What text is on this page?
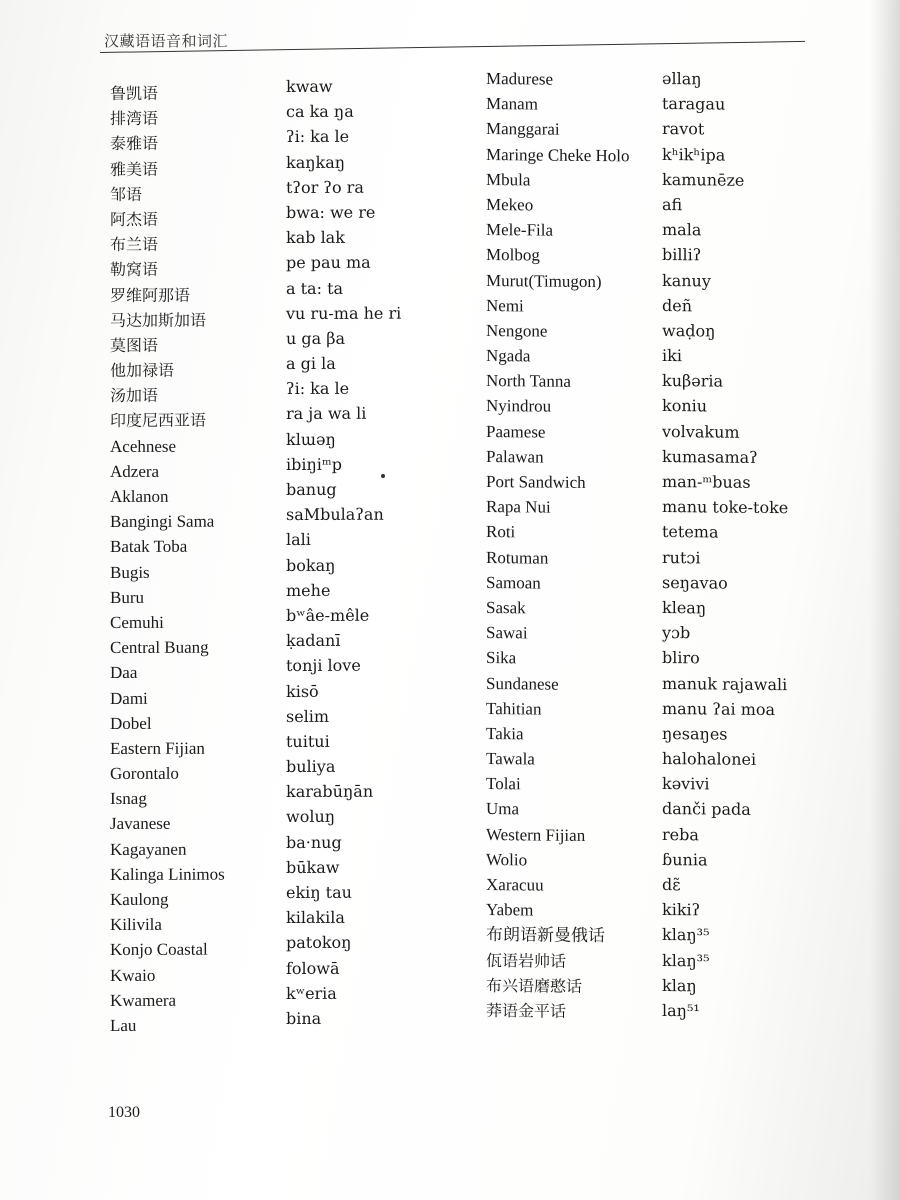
汉藏语语音和词汇
鲁凯语
排湾语
泰雅语
雅美语
邹语
阿杰语
布兰语
勒窝语
罗维阿那语
马达加斯加语
莫图语
他加禄语
汤加语
印度尼西亚语
Acehnese
Adzera
Aklanon
Bangingi Sama
Batak Toba
Bugis
Buru
Cemuhi
Central Buang
Daa
Dami
Dobel
Eastern Fijian
Gorontalo
Isnag
Javanese
Kagayanen
Kalinga Linimos
Kaulong
Kilivila
Konjo Coastal
Kwaio
Kwamera
Lau
kwaw
ca ka ŋa
ʔi: ka le
kaŋkaŋ
tʔor ʔo ra
bwa: we re
kab lak
pe pau ma
a ta: ta
vu ru-ma he ri
u ga βa
a gi la
ʔi: ka le
ra ja wa li
klɯəŋ
ibiŋiᵐp
banug
saMbulaʔan
lali
bokaŋ
mehe
bʷâe-mêle
ḳadanī
tonji love
kisō
selim
tuitui
buliya
karabūŋān
woluŋ
ba·nug
būkaw
ekiŋ tau
kilakila
patokoŋ
folowā
kʷeria
bina
Madurese
Manam
Manggarai
Maringe Cheke Holo
Mbula
Mekeo
Mele-Fila
Molbog
Murut(Timugon)
Nemi
Nengone
Ngada
North Tanna
Nyindrou
Paamese
Palawan
Port Sandwich
Rapa Nui
Roti
Rotuman
Samoan
Sasak
Sawai
Sika
Sundanese
Tahitian
Takia
Tawala
Tolai
Uma
Western Fijian
Wolio
Xaracuu
Yabem
布朗语新曼俄话
佤语岩帅话
布兴语磨憨话
莽语金平话
əllaŋ
taragau
ravot
kʰikʰipa
kamunēze
afi
mala
billiʔ
kanuy
deñ
waḍoŋ
iki
kuβəria
koniu
volvakum
kumasamaʔ
man-ᵐbuas
manu toke-toke
tetema
rutɔi
seŋavao
kleaŋ
yɔb
bliro
manuk rajawali
manu ʔai moa
ŋesaŋes
halohalonei
kəvivi
danči pada
reba
ɓunia
dɛ̃
kikiʔ
klaŋ³⁵
klaŋ³⁵
klaŋ
laŋ⁵¹
1030
